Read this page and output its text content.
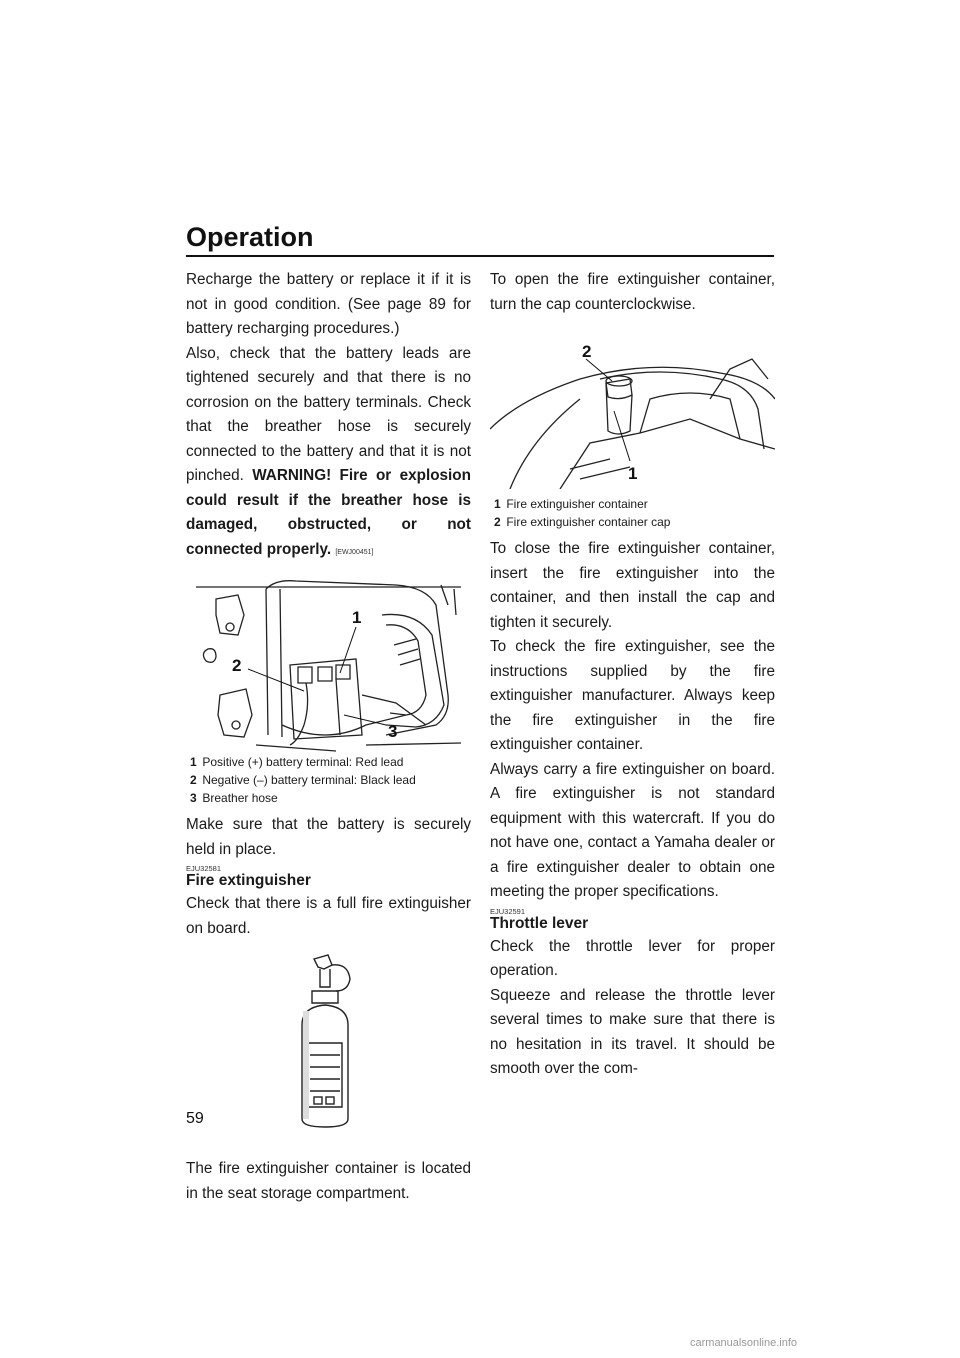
Operation

Recharge the battery or replace it if it is not in good condition. (See page 89 for battery recharging procedures.)

Also, check that the battery leads are tightened securely and that there is no corrosion on the battery terminals. Check that the breather hose is securely connected to the battery and that it is not pinched. WARNING! Fire or explosion could result if the breather hose is damaged, obstructed, or not connected properly. [EWJ00451]

1
2
3
1 Positive (+) battery terminal: Red lead
2 Negative (–) battery terminal: Black lead
3 Breather hose

Make sure that the battery is securely held in place.

EJU32581
Fire extinguisher

Check that there is a full fire extinguisher on board.

The fire extinguisher container is located in the seat storage compartment.

To open the fire extinguisher container, turn the cap counterclockwise.

2
1
1 Fire extinguisher container
2 Fire extinguisher container cap

To close the fire extinguisher container, insert the fire extinguisher into the container, and then install the cap and tighten it securely.

To check the fire extinguisher, see the instructions supplied by the fire extinguisher manufacturer. Always keep the fire extinguisher in the fire extinguisher container.

Always carry a fire extinguisher on board. A fire extinguisher is not standard equipment with this watercraft. If you do not have one, contact a Yamaha dealer or a fire extinguisher dealer to obtain one meeting the proper specifications.

EJU32591
Throttle lever

Check the throttle lever for proper operation.

Squeeze and release the throttle lever several times to make sure that there is no hesitation in its travel. It should be smooth over the com-

59
carmanualsonline.info
